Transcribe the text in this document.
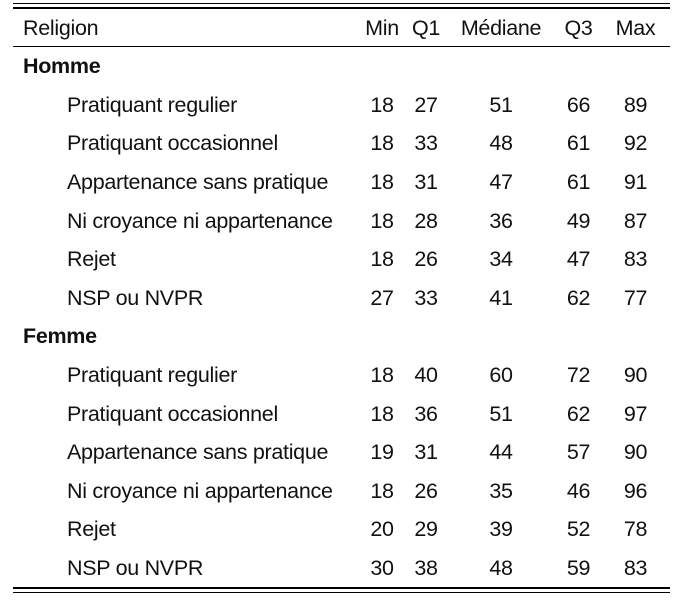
Religion	Min	Q1	Médiane	Q3	Max

Homme					
Pratiquant regulier	18	27	51	66	89
Pratiquant occasionnel	18	33	48	61	92
Appartenance sans pratique	18	31	47	61	91
Ni croyance ni appartenance	18	28	36	49	87
Rejet	18	26	34	47	83
NSP ou NVPR	27	33	41	62	77
Femme					
Pratiquant regulier	18	40	60	72	90
Pratiquant occasionnel	18	36	51	62	97
Appartenance sans pratique	19	31	44	57	90
Ni croyance ni appartenance	18	26	35	46	96
Rejet	20	29	39	52	78
NSP ou NVPR	30	38	48	59	83
